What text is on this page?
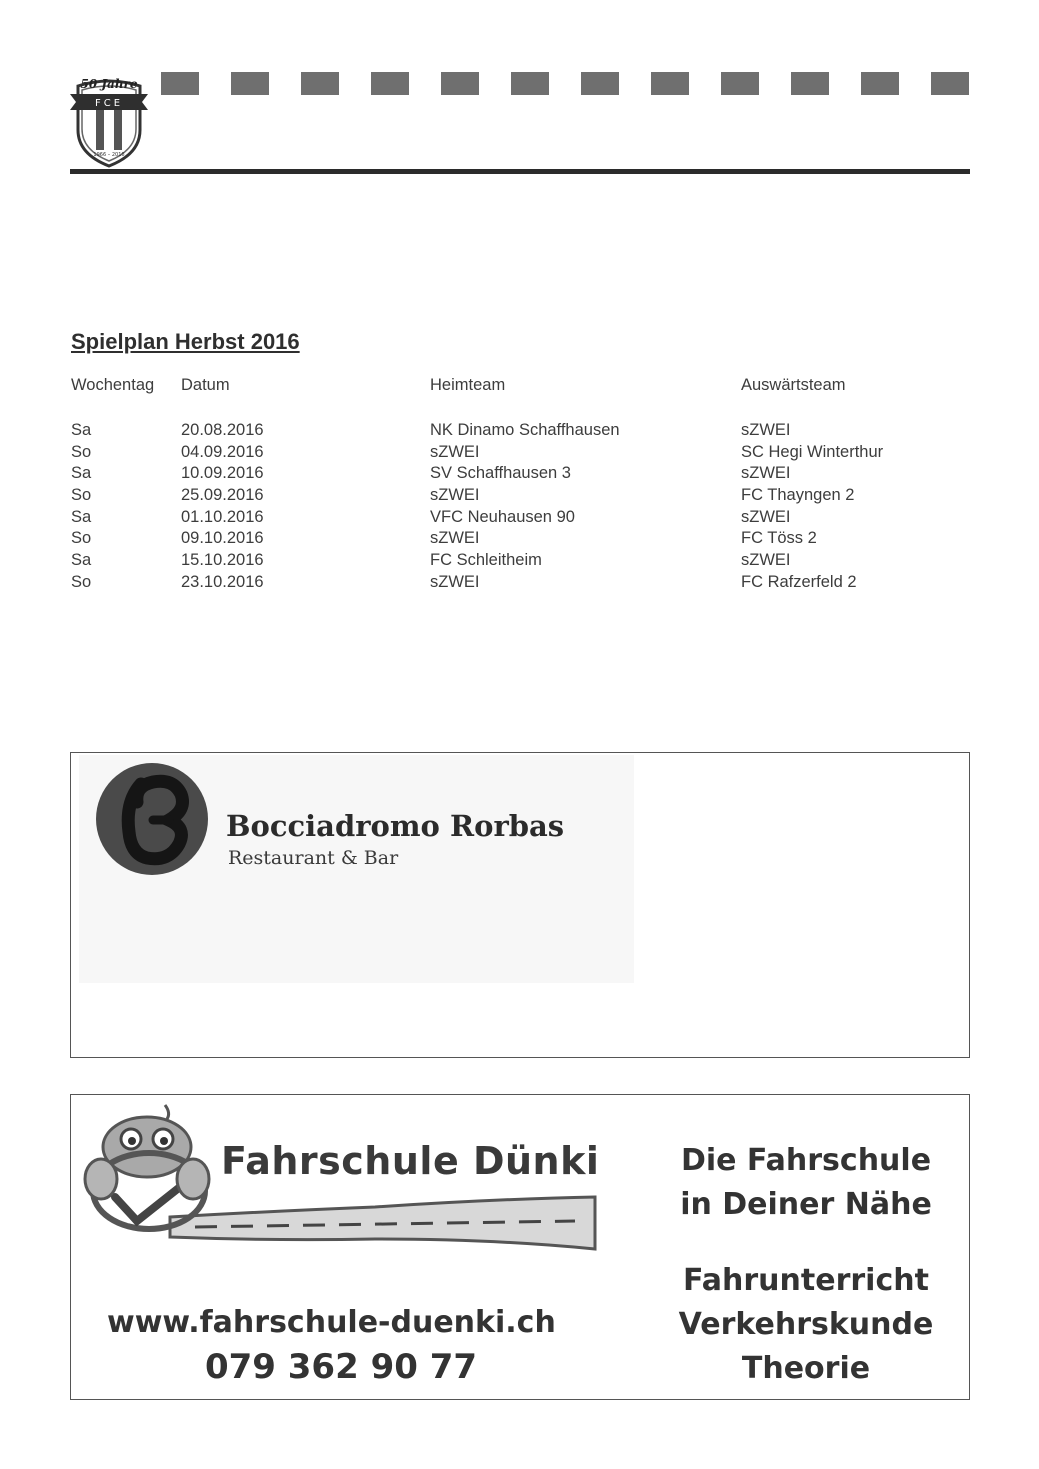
FCE
50 Jahre
1966 – 2016
Spielplan Herbst 2016
Wochentag Datum	Heimteam	Auswärtsteam
Sa	20.08.2016	NK Dinamo Schaffhausen	sZWEI
So	04.09.2016	sZWEI	SC Hegi Winterthur
Sa	10.09.2016	SV Schaffhausen 3	sZWEI
So	25.09.2016	sZWEI	FC Thayngen 2
Sa	01.10.2016	VFC Neuhausen 90	sZWEI
So	09.10.2016	sZWEI	FC Töss 2
Sa	15.10.2016	FC Schleitheim	sZWEI
So	23.10.2016	sZWEI	FC Rafzerfeld 2
Bocciadromo Rorbas
Restaurant & Bar
Fahrschule Dünki
www.fahrschule-duenki.ch
079 362 90 77
Die Fahrschule
in Deiner Nähe
Fahrunterricht
Verkehrskunde
Theorie
